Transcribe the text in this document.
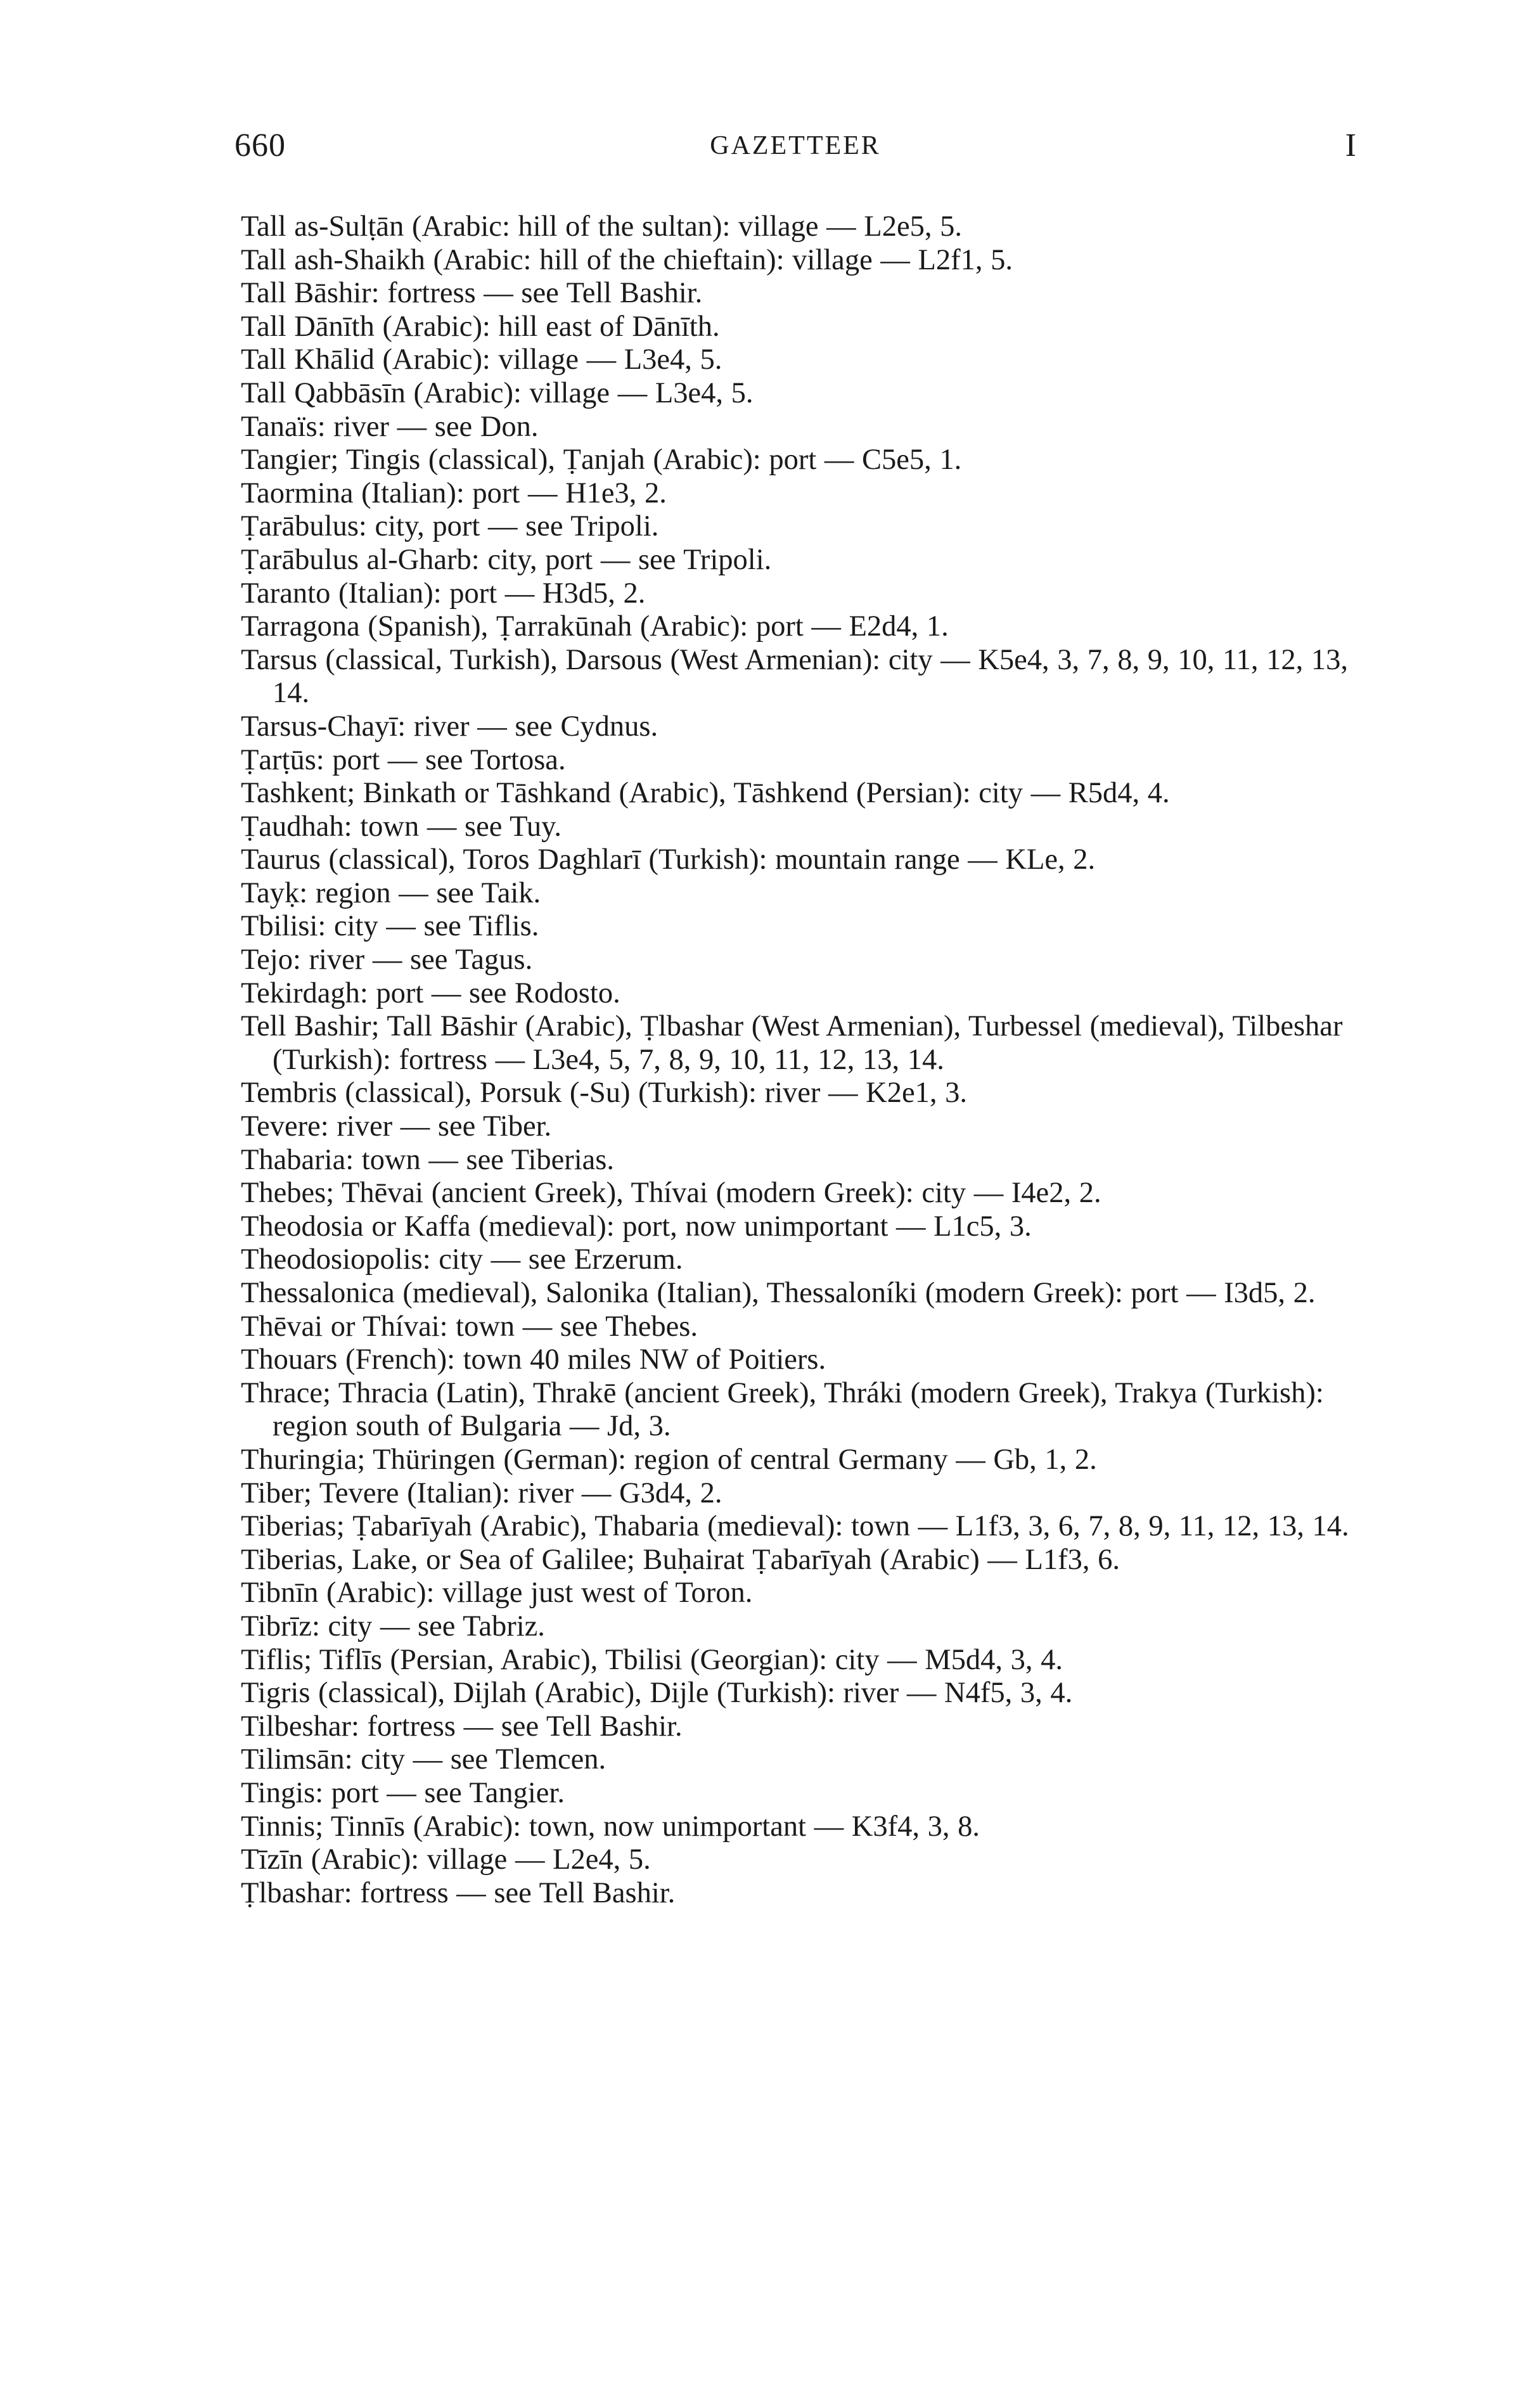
660	GAZETTEER	I
Tall as-Sulṭān (Arabic: hill of the sultan): village — L2e5, 5.
Tall ash-Shaikh (Arabic: hill of the chieftain): village — L2f1, 5.
Tall Bāshir: fortress — see Tell Bashir.
Tall Dānīth (Arabic): hill east of Dānīth.
Tall Khālid (Arabic): village — L3e4, 5.
Tall Qabbāsīn (Arabic): village — L3e4, 5.
Tanaïs: river — see Don.
Tangier; Tingis (classical), Ṭanjah (Arabic): port — C5e5, 1.
Taormina (Italian): port — H1e3, 2.
Ṭarābulus: city, port — see Tripoli.
Ṭarābulus al-Gharb: city, port — see Tripoli.
Taranto (Italian): port — H3d5, 2.
Tarragona (Spanish), Ṭarrakūnah (Arabic): port — E2d4, 1.
Tarsus (classical, Turkish), Darsous (West Armenian): city — K5e4, 3, 7, 8, 9, 10, 11, 12, 13, 14.
Tarsus-Chayī: river — see Cydnus.
Ṭarṭūs: port — see Tortosa.
Tashkent; Binkath or Tāshkand (Arabic), Tāshkend (Persian): city — R5d4, 4.
Ṭaudhah: town — see Tuy.
Taurus (classical), Toros Daghlarī (Turkish): mountain range — KLe, 2.
Tayḳ: region — see Taik.
Tbilisi: city — see Tiflis.
Tejo: river — see Tagus.
Tekirdagh: port — see Rodosto.
Tell Bashir; Tall Bāshir (Arabic), Ṭlbashar (West Armenian), Turbessel (medieval), Tilbeshar (Turkish): fortress — L3e4, 5, 7, 8, 9, 10, 11, 12, 13, 14.
Tembris (classical), Porsuk (-Su) (Turkish): river — K2e1, 3.
Tevere: river — see Tiber.
Thabaria: town — see Tiberias.
Thebes; Thēvai (ancient Greek), Thívai (modern Greek): city — I4e2, 2.
Theodosia or Kaffa (medieval): port, now unimportant — L1c5, 3.
Theodosiopolis: city — see Erzerum.
Thessalonica (medieval), Salonika (Italian), Thessaloníki (modern Greek): port — I3d5, 2.
Thēvai or Thívai: town — see Thebes.
Thouars (French): town 40 miles NW of Poitiers.
Thrace; Thracia (Latin), Thrakē (ancient Greek), Thráki (modern Greek), Trakya (Turkish): region south of Bulgaria — Jd, 3.
Thuringia; Thüringen (German): region of central Germany — Gb, 1, 2.
Tiber; Tevere (Italian): river — G3d4, 2.
Tiberias; Ṭabarīyah (Arabic), Thabaria (medieval): town — L1f3, 3, 6, 7, 8, 9, 11, 12, 13, 14.
Tiberias, Lake, or Sea of Galilee; Buḥairat Ṭabarīyah (Arabic) — L1f3, 6.
Tibnīn (Arabic): village just west of Toron.
Tibrīz: city — see Tabriz.
Tiflis; Tiflīs (Persian, Arabic), Tbilisi (Georgian): city — M5d4, 3, 4.
Tigris (classical), Dijlah (Arabic), Dijle (Turkish): river — N4f5, 3, 4.
Tilbeshar: fortress — see Tell Bashir.
Tilimsān: city — see Tlemcen.
Tingis: port — see Tangier.
Tinnis; Tinnīs (Arabic): town, now unimportant — K3f4, 3, 8.
Tīzīn (Arabic): village — L2e4, 5.
Ṭlbashar: fortress — see Tell Bashir.
